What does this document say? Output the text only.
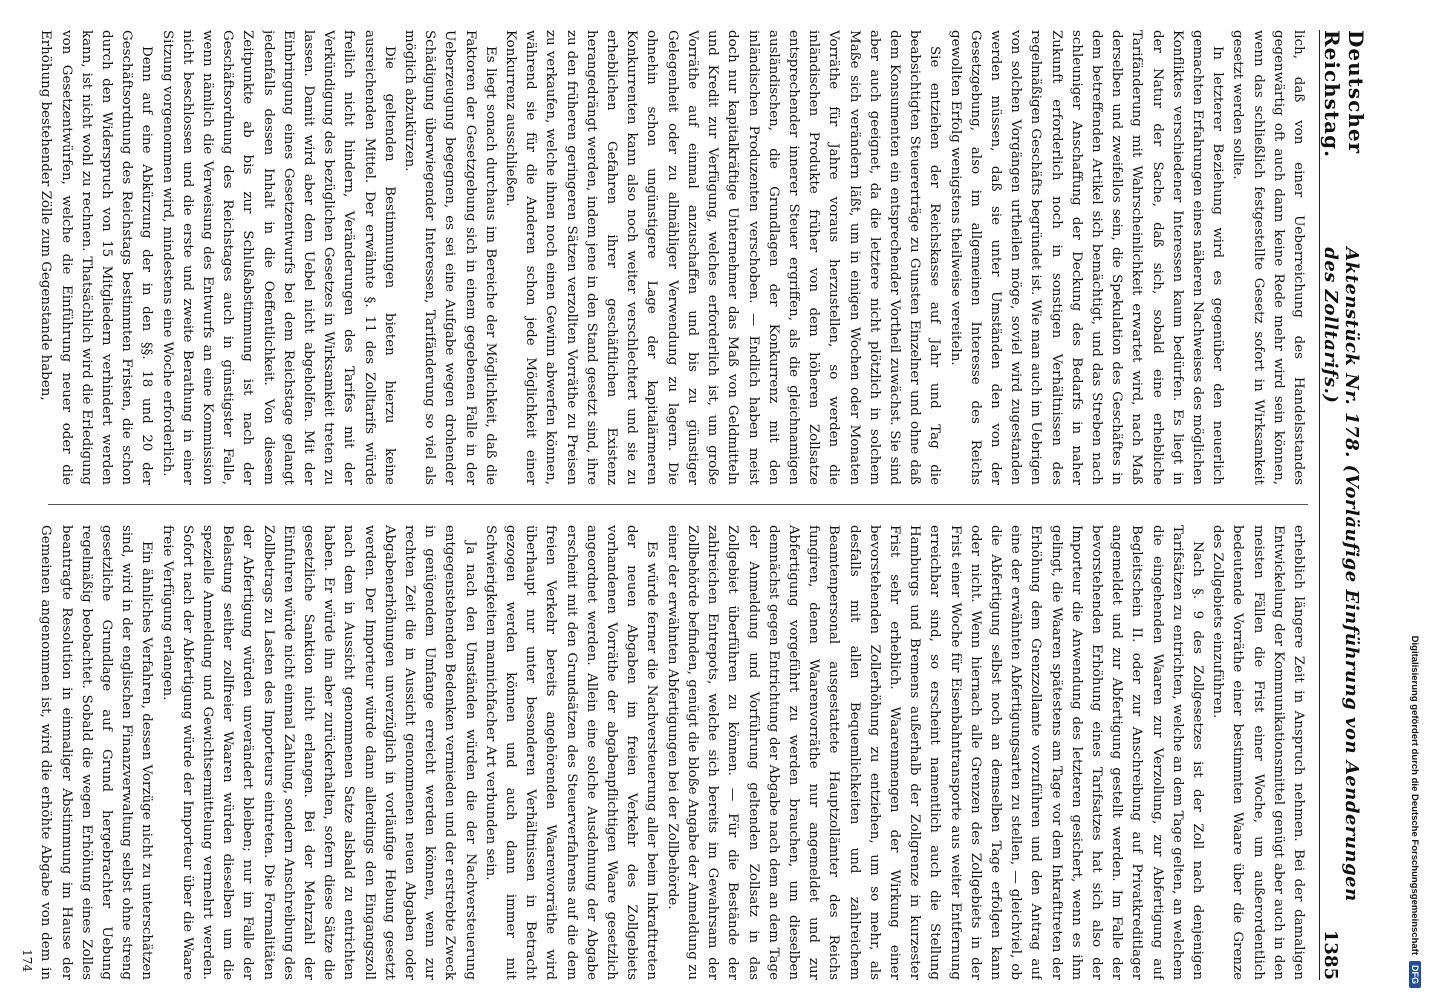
Deutscher Reichstag.
Aktenstück Nr. 178. (Vorläufige Einführung von Aenderungen des Zolltarifs.)
1385

lich, daß von einer Ueberreichung des Handelsstandes gegenwärtig oft auch dann keine Rede mehr wird sein können, wenn das schließlich festgestellte Gesetz sofort in Wirksamkeit gesetzt werden sollte.

In letzterer Beziehung wird es gegenüber den neuerlich gemachten Erfahrungen eines näheren Nachweises des möglichen Konfliktes verschiedener Interessen kaum bedürfen. Es liegt in der Natur der Sache, daß sich, sobald eine erhebliche Tarifänderung mit Wahrscheinlichkeit erwartet wird, nach Maß derselben und zweifellos sein, die Spekulation des Geschäftes in dem betreffenden Artikel sich bemächtigt, und das Streben nach schleuniger Anschaffung der Deckung des Bedarfs in naher Zukunft erforderlich noch in sonstigen Verhältnissen des regelmäßigen Geschäfts begründet ist. Wie man auch im Uebrigen von solchen Vorgängen urtheilen möge, soviel wird zugestanden werden müssen, daß sie unter Umständen den von der Gesetzgebung, also im allgemeinen Interesse des Reichs gewollten Erfolg wenigstens theilweise vereiteln.

Sie entziehen der Reichskasse auf Jahr und Tag die beabsichtigten Steuererträge zu Gunsten Einzelner und ohne daß dem Konsumenten ein entsprechender Vortheil zuwächst. Sie sind aber auch geeignet, da die letztere nicht plötzlich in solchem Maße sich verändern läßt, um in einigen Wochen oder Monaten Vorräthe für Jahre voraus herzustellen, so werden die inländischen Produkte früher von dem höheren Zollsatze entsprechender innerer Steuer ergriffen, als die gleichnamigen ausländischen, die Grundlagen der Konkurrenz mit den inländischen Produzenten verschoben. — Endlich haben meist doch nur kapitalkräftige Unternehmer das Maß von Geldmitteln und Kredit zur Verfügung, welches erforderlich ist, um große Vorräthe auf einmal anzuschaffen und bis zu günstiger Gelegenheit oder zu allmähliger Verwendung zu lagern. Die ohnehin schon ungünstigere Lage der kapitalärmeren Konkurrenten kann also noch weiter verschlechtert und sie zu erheblichen Gefahren ihrer geschäftlichen Existenz herangedrängt werden, indem jene in den Stand gesetzt sind, ihre zu den früheren geringeren Sätzen verzollten Vorräthe zu Preisen zu verkaufen, welche ihnen noch einen Gewinn abwerfen können, während sie für die Anderen schon jede Möglichkeit einer Konkurrenz ausschließen.

Es liegt sonach durchaus im Bereiche der Möglichkeit, daß die Faktoren der Gesetzgebung sich in einem gegebenen Falle in der Ueberzeugung begegnen, es sei eine Aufgabe wegen drohender Schädigung überwiegender Interessen, Tarifänderung so viel als möglich abzukürzen.

Die geltenden Bestimmungen bieten hierzu keine ausreichenden Mittel. Der erwähnte §. 11 des Zolltarifs würde freilich nicht hindern, Veränderungen des Tarifes mit der Verkündigung des bezüglichen Gesetzes in Wirksamkeit treten zu lassen. Damit wird aber dem Uebel nicht abgeholfen. Mit der Einbringung eines Gesetzentwurfs bei dem Reichstage gelangt jedenfalls dessen Inhalt in die Oeffentlichkeit. Von diesem Zeitpunkte ab bis zur Schlußabstimmung ist nach der Geschäftsordnung des Reichstages auch in günstigster Falle, wenn nämlich die Verweisung des Entwurfs an eine Kommission nicht beschlossen und die erste und zweite Berathung in einer Sitzung vorgenommen wird, mindestens eine Woche erforderlich.

Denn auf eine Abkürzung der in den §§. 18 und 20 der Geschäftsordnung des Reichstags bestimmten Fristen, die schon durch den Widerspruch von 15 Mitgliedern verhindert werden kann, ist nicht wohl zu rechnen. Thatsächlich wird die Erledigung von Gesetzentwürfen, welche die Einführung neuer oder die Erhöhung bestehender Zölle zum Gegenstande haben,

erheblich längere Zeit in Anspruch nehmen. Bei der damaligen Entwickelung der Kommunikationsmittel genügt aber auch in den meisten Fällen die Frist einer Woche, um außerordentlich bedeutende Vorräthe einer bestimmten Waare über die Grenze des Zollgebiets einzuführen.

Nach §. 9 des Zollgesetzes ist der Zoll nach denjenigen Tarifsätzen zu entrichten, welche an dem Tage gelten, an welchem die eingehenden Waaren zur Verzollung, zur Abfertigung auf Begleitschein II. oder zur Anschreibung auf Privatkreditlager angemeldet und zur Abfertigung gestellt werden. Im Falle der bevorstehenden Erhöhung eines Tarifsatzes hat sich also der Importeur die Anwendung des letzteren gesichert, wenn es ihm gelingt, die Waaren spätestens am Tage vor dem Inkrafttreten der Erhöhung dem Grenzzollamte vorzuführen und den Antrag auf eine der erwähnten Abfertigungsarten zu stellen, — gleichviel, ob die Abfertigung selbst noch an demselben Tage erfolgen kann oder nicht. Wenn hiernach alle Grenzen des Zollgebiets in der Frist einer Woche für Eisenbahntransporte aus weiter Entfernung erreichbar sind, so erscheint namentlich auch die Stellung Hamburgs und Bremens außerhalb der Zollgrenze in kurzester Frist sehr erheblich. Waarenmengen der Wirkung einer bevorstehenden Zollerhöhung zu entziehen, um so mehr, als desfalls mit allen Bequemlichkeiten und zahlreichem Beamtenpersonal ausgestattete Hauptzollämter des Reichs fungiren, denen Waarenvorräthe nur angemeldet und zur Abfertigung vorgeführt zu werden brauchen, um dieselben demnächst gegen Entrichtung der Abgabe nach dem an dem Tage der Anmeldung und Vorführung geltenden Zollsatz in das Zollgebiet überführen zu können. — Für die Bestände der zahlreichen Entrepots, welche sich bereits im Gewahrsam der Zollbehörde befinden, genügt die bloße Angabe der Anmeldung zu einer der erwähnten Abfertigungen bei der Zollbehörde.

Es würde ferner die Nachversteuerung aller beim Inkrafttreten der neuen Abgaben im freien Verkehr des Zollgebiets vorhandenen Vorräthe der abgabenpflichtigen Waare gesetzlich angeordnet werden. Allein eine solche Ausdehnung der Abgabe erscheint mit den Grundsätzen des Steuerverfahrens auf die dem freien Verkehr bereits angehörenden Waarenvorräthe wird überhaupt nur unter besonderen Verhältnissen in Betracht gezogen werden können und auch dann immer mit Schwierigkeiten mannichfacher Art verbunden sein.

Ja nach den Umständen würden die der Nachversteuerung entgegenstehenden Bedenken vermieden und der erstrebte Zweck in genügendem Umfange erreicht werden können, wenn zur rechten Zeit die in Aussicht genommenen neuen Abgaben oder Abgabenerhöhungen unverzüglich in vorläufige Hebung gesetzt werden. Der Importeur würde dann allerdings den Eingangszoll nach dem in Aussicht genommenen Satze alsbald zu entrichten haben. Er würde ihn aber zurückerhalten, sofern diese Sätze die gesetzliche Sanktion nicht erlangen. Bei der Mehrzahl der Einfuhren würde nicht einmal Zahlung, sondern Anschreibung des Zollbetrags zu Lasten des Importeurs eintreten. Die Formalitäten der Abfertigung würden unverändert bleiben; nur im Falle der Belastung seither zollfreier Waaren würden dieselben um die spezielle Anmeldung und Gewichtsermittelung vermehrt werden. Sofort nach der Abfertigung würde der Importeur über die Waare freie Verfügung erlangen.

Ein ähnliches Verfahren, dessen Vorzüge nicht zu unterschätzen sind, wird in der englischen Finanzverwaltung selbst ohne streng gesetzliche Grundlage auf Grund hergebrachter Uebung regelmäßig beobachtet. Sobald die wegen Erhöhung eines Zolles beantragte Resolution in einmaliger Abstimmung im Hause der Gemeinen angenommen ist, wird die erhöhte Abgabe von dem in

174
Digitalisierung gefördert durch die Deutsche Forschungsgemeinschaft
DFG
